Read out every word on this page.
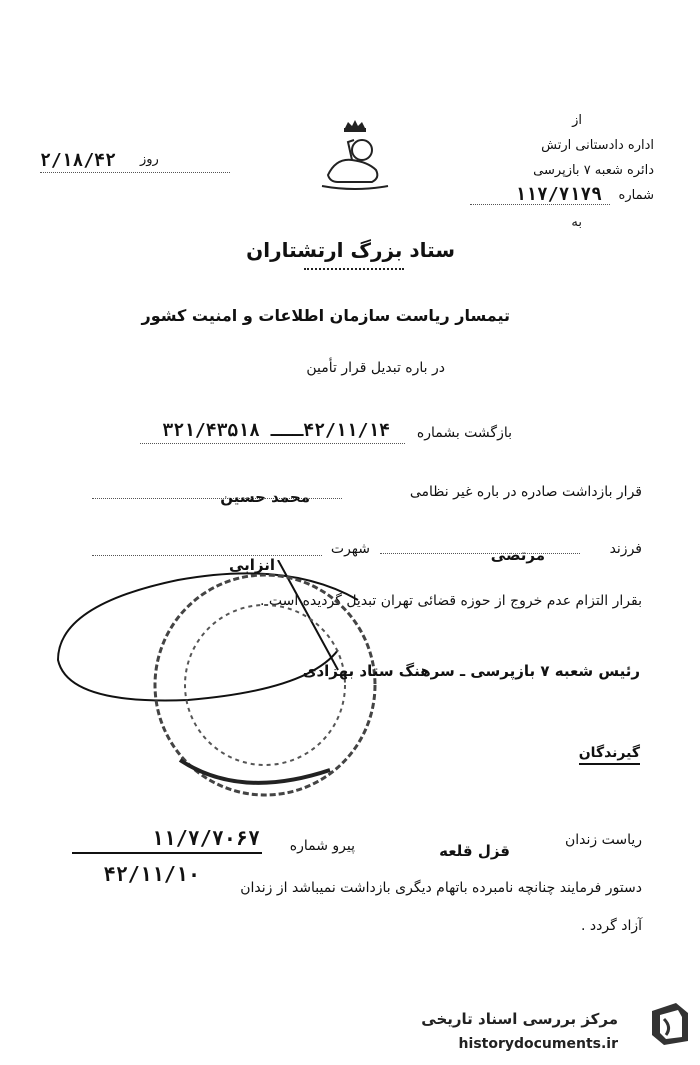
از
اداره دادستانی ارتش
دائره شعبه ۷ بازپرسی
شماره
۱۱۷/۷۱۷۹
به
روز
۲/۱۸/۴۲
ستاد بزرگ ارتشتاران
تیمسار ریاست سازمان اطلاعات و امنیت کشور
در باره تبدیل قرار تأمین
بازگشت بشماره
۴۲/۱۱/۱۴ـــ ۳۲۱/۴۳۵۱۸
قرار بازداشت صادره در باره غیر نظامی
محمد حسین
فرزند
مرتضی
شهرت
انزابی
بقرار التزام عدم خروج از حوزه قضائی تهران تبدیل گردیده است .
رئیس شعبه ۷ بازپرسی ـ سرهنگ ستاد بهزادی
گیرندگان
ریاست زندان
قزل قلعه
پیرو شماره
۱۱/۷/۷۰۶۷
۴۲/۱۱/۱۰
دستور فرمایند چنانچه نامبرده باتهام دیگری بازداشت نمیباشد از زندان
آزاد گردد .
مرکز بررسی اسناد تاریخی
historydocuments.ir
